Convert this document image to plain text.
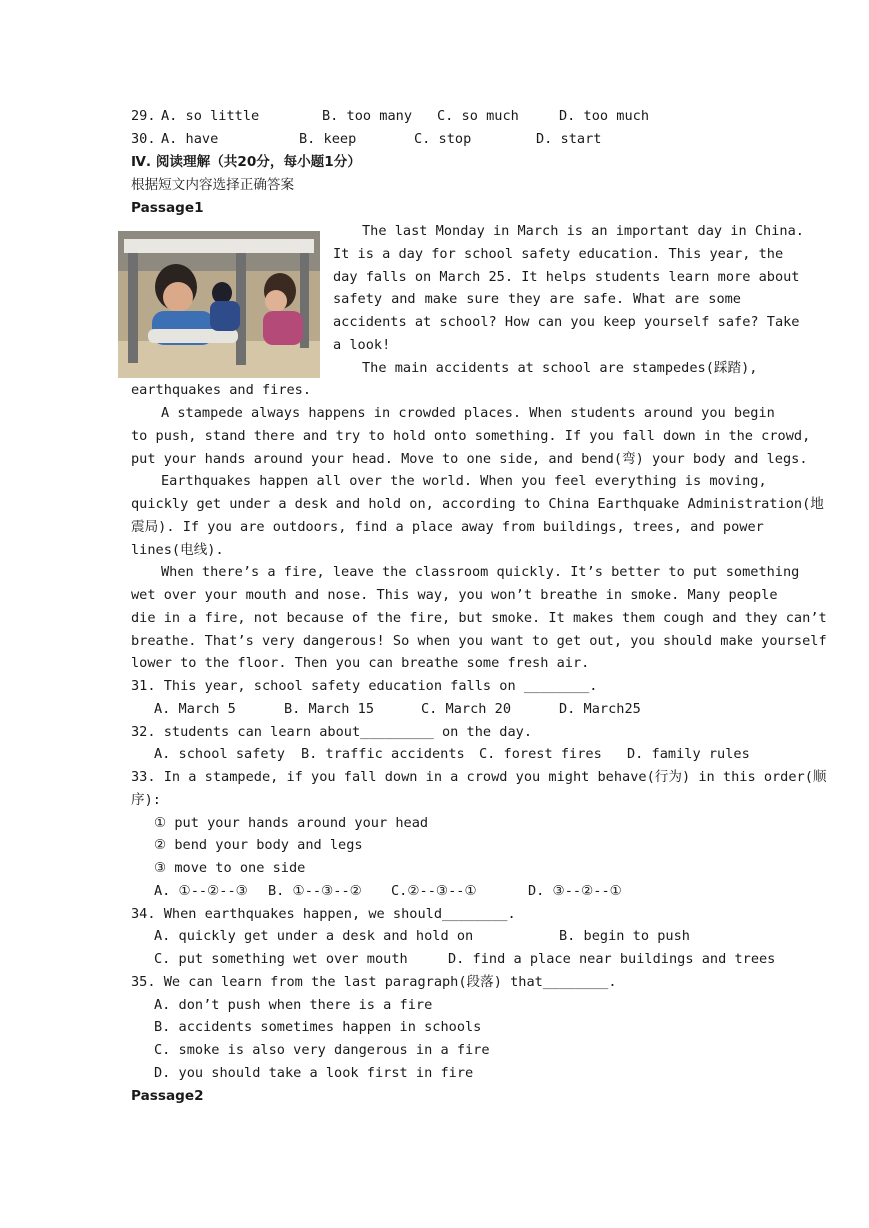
29.

A. so little

	B. too many

C. so much

	D. too much

30.

A. have

	B. keep

	C. stop

	D. start

Ⅳ. 阅读理解（共20分，每小题1分）
根据短文内容选择正确答案
Passage1
The last Monday in March is an important day in China.
It is a day for school safety education. This year, the
day falls on March 25. It helps students learn more about
safety and make sure they are safe. What are some
accidents at school? How can you keep yourself safe? Take
a look!
The main accidents at school are stampedes(踩踏),
earthquakes and fires.
A stampede always happens in crowded places. When students around you begin
to push, stand there and try to hold onto something. If you fall down in the crowd,
put your hands around your head. Move to one side, and bend(弯) your body and legs.
Earthquakes happen all over the world. When you feel everything is moving,
quickly get under a desk and hold on, according to China Earthquake Administration(地
震局). If you are outdoors, find a place away from buildings, trees, and power
lines(电线).
When there’s a fire, leave the classroom quickly. It’s better to put something
wet over your mouth and nose. This way, you won’t breathe in smoke. Many people
die in a fire, not because of the fire, but smoke. It makes them cough and they can’t
breathe. That’s very dangerous! So when you want to get out, you should make yourself
lower to the floor. Then you can breathe some fresh air.
31. This year, school safety education falls on ________.

A. March 5

	B. March 15

	C. March 20

	D. March25

32. students can learn about_________ on the day.

A. school safety

B. traffic accidents

C. forest fires

D. family rules

33. In a stampede, if you fall down in a crowd you might behave(行为) in this order(顺
序):
① put your hands around your head
② bend your body and legs
③ move to one side

A. ①--②--③

B. ①--③--②

C.②--③--①

	D. ③--②--①

34. When earthquakes happen, we should________.

A. quickly get under a desk and hold on

	B. begin to push

C. put something wet over mouth

	D. find a place near buildings and trees

35. We can learn from the last paragraph(段落) that________.
A. don’t push when there is a fire
B. accidents sometimes happen in schools
C. smoke is also very dangerous in a fire
D. you should take a look first in fire
Passage2
